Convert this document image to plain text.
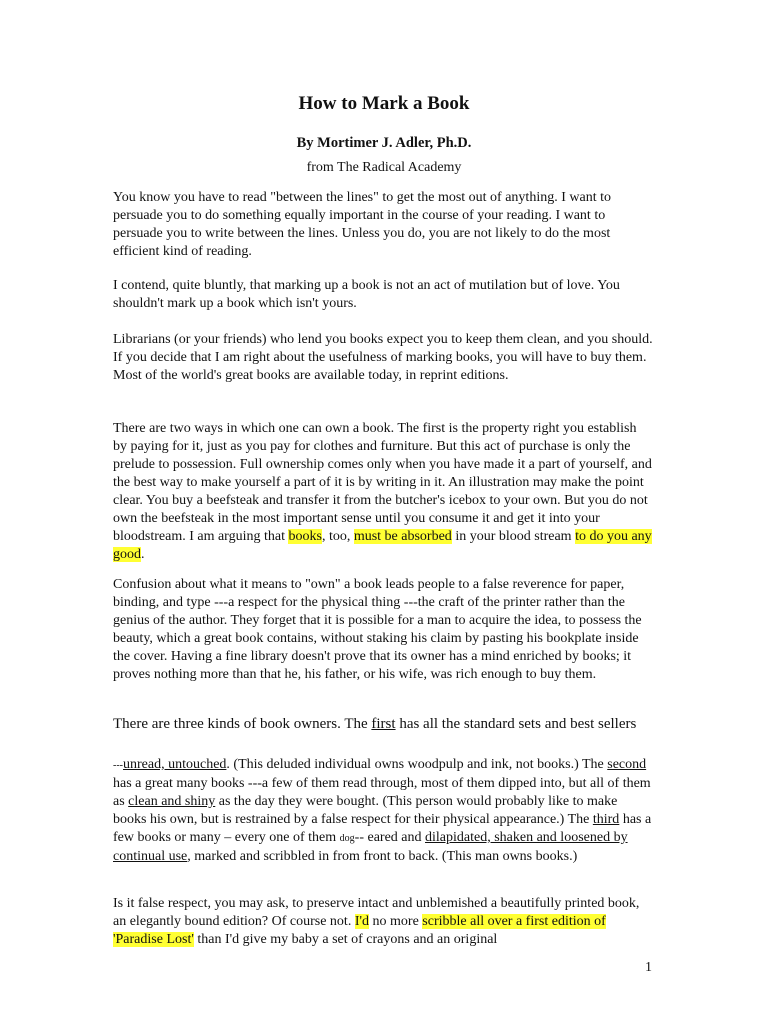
How to Mark a Book
By Mortimer J. Adler, Ph.D.
from The Radical Academy

You know you have to read "between the lines" to get the most out of anything. I want to persuade you to do something equally important in the course of your reading. I want to persuade you to write between the lines. Unless you do, you are not likely to do the most efficient kind of reading.

I contend, quite bluntly, that marking up a book is not an act of mutilation but of love. You shouldn't mark up a book which isn't yours.

Librarians (or your friends) who lend you books expect you to keep them clean, and you should. If you decide that I am right about the usefulness of marking books, you will have to buy them. Most of the world's great books are available today, in reprint editions.

There are two ways in which one can own a book. The first is the property right you establish by paying for it, just as you pay for clothes and furniture. But this act of purchase is only the prelude to possession. Full ownership comes only when you have made it a part of yourself, and the best way to make yourself a part of it is by writing in it. An illustration may make the point clear. You buy a beefsteak and transfer it from the butcher's icebox to your own. But you do not own the beefsteak in the most important sense until you consume it and get it into your bloodstream. I am arguing that books, too, must be absorbed in your blood stream to do you any good.

Confusion about what it means to "own" a book leads people to a false reverence for paper, binding, and type ---a respect for the physical thing ---the craft of the printer rather than the genius of the author. They forget that it is possible for a man to acquire the idea, to possess the beauty, which a great book contains, without staking his claim by pasting his bookplate inside the cover. Having a fine library doesn't prove that its owner has a mind enriched by books; it proves nothing more than that he, his father, or his wife, was rich enough to buy them.

There are three kinds of book owners. The first has all the standard sets and best sellers

---unread, untouched. (This deluded individual owns woodpulp and ink, not books.) The second has a great many books ---a few of them read through, most of them dipped into, but all of them as clean and shiny as the day they were bought. (This person would probably like to make books his own, but is restrained by a false respect for their physical appearance.) The third has a few books or many – every one of them dog-- eared and dilapidated, shaken and loosened by continual use, marked and scribbled in from front to back. (This man owns books.)

Is it false respect, you may ask, to preserve intact and unblemished a beautifully printed book, an elegantly bound edition? Of course not. I'd no more scribble all over a first edition of 'Paradise Lost' than I'd give my baby a set of crayons and an original

1
